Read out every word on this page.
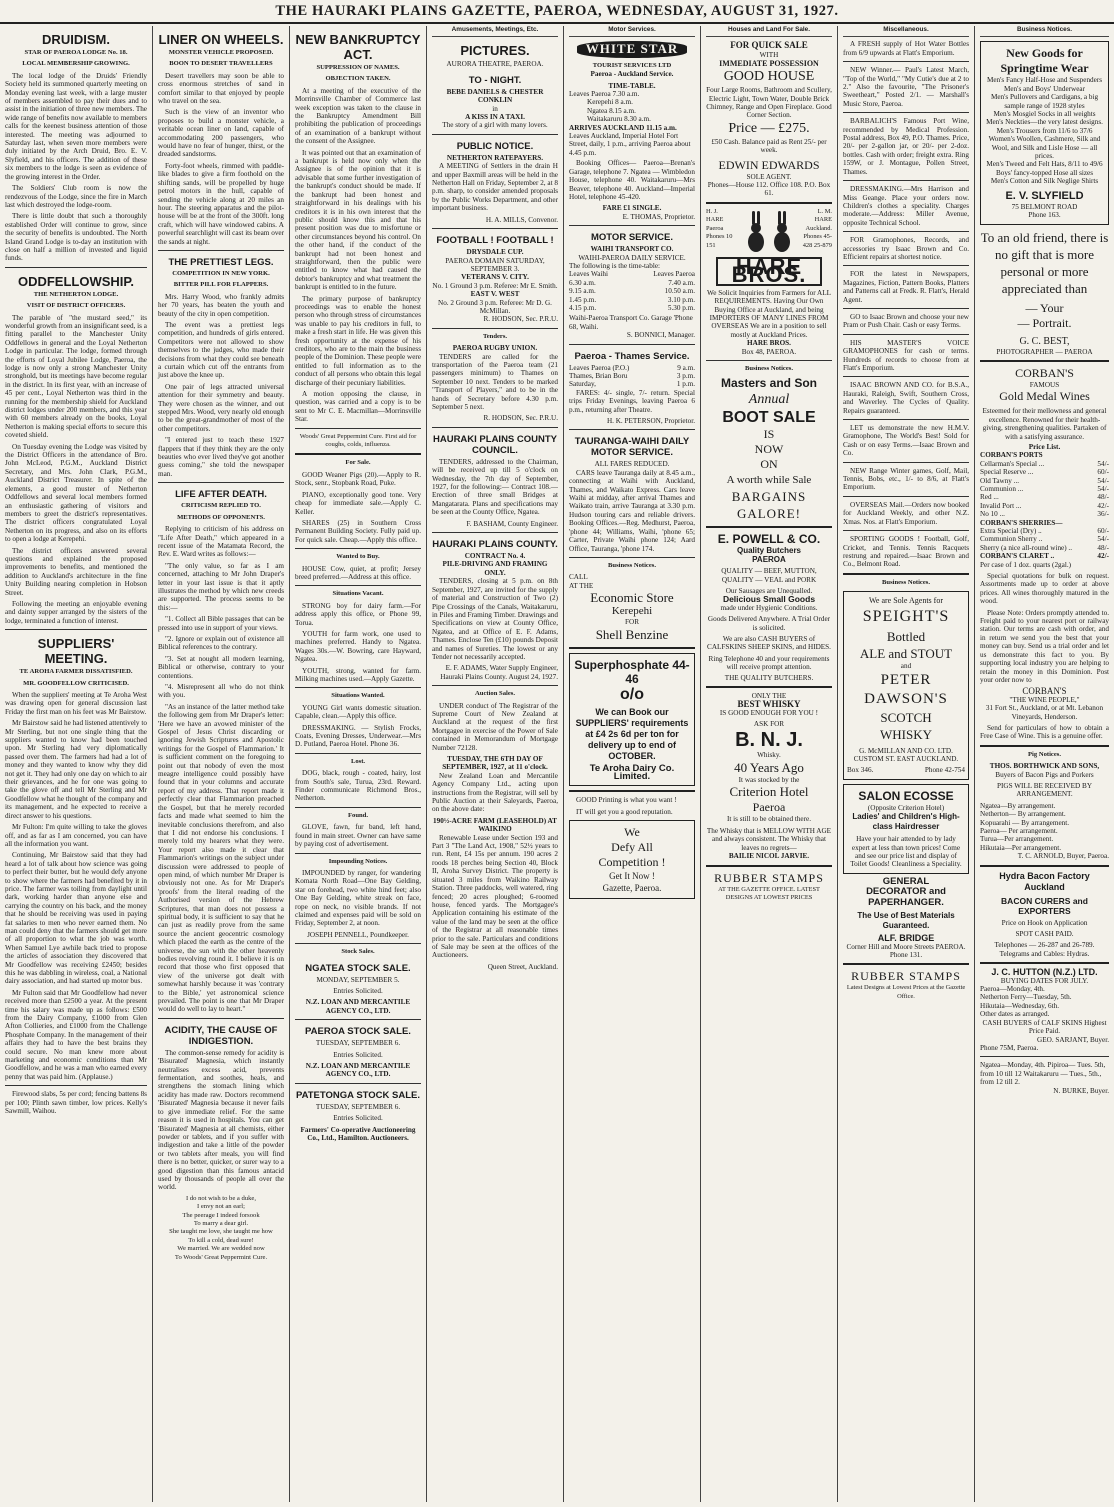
THE HAURAKI PLAINS GAZETTE, PAEROA, WEDNESDAY, AUGUST 31, 1927.
DRUIDISM.
STAR OF PAEROA LODGE No. 18.
LOCAL MEMBERSHIP GROWING.

The local lodge of the Druids' Friendly Society held its summoned quarterly meeting on Monday evening last week, with a large muster of members assembled to pay their dues and to assist in the initiation of three new members. The wide range of benefits now available to members calls for the keenest business attention of those interested. The meeting was adjourned to Saturday last, when seven more members were duly initiated by the Arch Druid, Bro. E. V. Slyfield, and his officers. The addition of these six members to the lodge is seen as evidence of the growing interest in the Order.

The Soldiers' Club room is now the rendezvous of the Lodge, since the fire in March last which destroyed the lodge-room.

There is little doubt that such a thoroughly established Order will continue to grow, since the security of benefits is undoubted. The North Island Grand Lodge is to-day an institution with close on half a million of invested and liquid funds.

ODDFELLOWSHIP.
THE NETHERTON LODGE.
VISIT OF DISTRICT OFFICERS.

The parable of "the mustard seed," its wonderful growth from an insignificant seed, is a fitting parallel to the Manchester Unity Oddfellows in general and the Loyal Netherton Lodge in particular. The lodge, formed through the efforts of Loyal Jubilee Lodge, Paeroa, the lodge is now only a strong Manchester Unity stronghold, but its meetings have become regular in the district. In its first year, with an increase of 45 per cent., Loyal Netherton was third in the running for the membership shield for Auckland district lodges under 200 members, and this year with 60 members already on the books, Loyal Netherton is making special efforts to secure this coveted shield.

On Tuesday evening the Lodge was visited by the District Officers in the attendance of Bro. John McLeod, P.G.M., Auckland District Secretary, and Mrs. John Clark, P.G.M., Auckland District Treasurer. In spite of the elements, a good muster of Netherton Oddfellows and several local members formed an enthusiastic gathering of visitors and members to greet the district's representatives. The district officers congratulated Loyal Netherton on its progress, and also on its efforts to open a lodge at Kerepehi.

The district officers answered several questions and explained the proposed improvements to benefits, and mentioned the addition to Auckland's architecture in the fine Unity Building nearing completion in Hobson Street.

Following the meeting an enjoyable evening and dainty supper arranged by the sisters of the lodge, terminated a function of interest.

SUPPLIERS' MEETING.
TE AROHA FARMER DISSATISFIED.
MR. GOODFELLOW CRITICISED.

When the suppliers' meeting at Te Aroha West was drawing open for general discussion last Friday the first man on his feet was Mr Bairstow.

Mr Bairstow said he had listened attentively to Mr Sterling, but not one single thing that the suppliers wanted to know had been touched upon. Mr Sterling had very diplomatically passed over them. The farmers had had a lot of money and they wanted to know why they did not get it. They had only one day on which to air their grievances, and he for one was going to take the glove off and tell Mr Sterling and Mr Goodfellow what he thought of the company and its management, and he expected to receive a direct answer to his questions.

Mr Fulton: I'm quite willing to take the gloves off, and as far as I am concerned, you can have all the information you want.

Continuing, Mr Bairstow said that they had heard a lot of talk about how science was going to perfect their butter, but he would defy anyone to show where the farmers had benefited by it in price. The farmer was toiling from daylight until dark, working harder than anyone else and carrying the country on his back, and the money that he should be receiving was used in paying fat salaries to men who never earned them. No man could deny that the farmers should get more of all proportion to what the job was worth. When Samuel Lye awhile back tried to propose the articles of association they discovered that Mr Goodfellow was receiving £2450; besides this he was dabbling in wireless, coal, a National dairy association, and had started up motor bus.

Mr Fulton said that Mr Goodfellow had never received more than £2500 a year. At the present time his salary was made up as follows: £500 from the Dairy Company, £1000 from Glen Afton Collieries, and £1000 from the Challenge Phosphate Company. In the management of their affairs they had to have the best brains they could secure. No man knew more about marketing and economic conditions than Mr Goodfellow, and he was a man who earned every penny that was paid him. (Applause.)

Firewood slabs, 5s per cord; fencing battens 8s per 100; Plinth sawn timber, low prices. Kelly's Sawmill, Waihou.

LINER ON WHEELS.
MONSTER VEHICLE PROPOSED.
BOON TO DESERT TRAVELLERS

Desert travellers may soon be able to cross enormous stretches of sand in comfort similar to that enjoyed by people who travel on the sea.

Such is the view of an inventor who proposes to build a monster vehicle, a veritable ocean liner on land, capable of accommodating 200 passengers, who would have no fear of hunger, thirst, or the dreaded sandstorms.

Forty-foot wheels, rimmed with paddle-like blades to give a firm foothold on the shifting sands, will be propelled by huge petrol motors in the hull, capable of sending the vehicle along at 20 miles an hour. The steering apparatus and the pilot-house will be at the front of the 300ft. long craft, which will have windowed cabins. A powerful searchlight will cast its beam over the sands at night.

THE PRETTIEST LEGS.
COMPETITION IN NEW YORK.
BITTER PILL FOR FLAPPERS.

Mrs. Harry Wood, who frankly admits her 70 years, has beaten the youth and beauty of the city in open competition.

The event was a prettiest legs competition, and hundreds of girls entered. Competitors were not allowed to show themselves to the judges, who made their decisions from what they could see beneath a curtain which cut off the entrants from just above the knee up.

One pair of legs attracted universal attention for their symmetry and beauty. They were chosen as the winner, and out stepped Mrs. Wood, very nearly old enough to be the great-grandmother of most of the other competitors.

"I entered just to teach these 1927 flappers that if they think they are the only beauties who ever lived they've got another guess coming," she told the newspaper man.

LIFE AFTER DEATH.
CRITICISM REPLIED TO.
METHODS OF OPPONENTS.

Replying to criticism of his address on "Life After Death," which appeared in a recent issue of the Matamata Record, the Rev. E. Ward writes as follows:—

"The only value, so far as I am concerned, attaching to Mr John Draper's letter in your last issue is that it aptly illustrates the method by which new creeds are supported. The process seems to be this:—

"1. Collect all Bible passages that can be pressed into use in support of your views.

"2. Ignore or explain out of existence all Biblical references to the contrary.

"3. Set at nought all modern learning, Biblical or otherwise, contrary to your contentions.

"4. Misrepresent all who do not think with you.

"As an instance of the latter method take the following gem from Mr Draper's letter: 'Here we have an avowed minister of the Gospel of Jesus Christ discarding or ignoring Jewish Scriptures and Apostolic writings for the Gospel of Flammarion.' It is sufficient comment on the foregoing to point out that nobody of even the most meagre intelligence could possibly have found that in your columns and accurate report of my address. That report made it perfectly clear that Flammarion preached the Gospel, but that he merely recorded facts and made what seemed to him the inevitable conclusions therefrom, and also that I did not endorse his conclusions. I merely told my hearers what they were. Your report also made it clear that Flammarion's writings on the subject under discussion were addressed to people of open mind, of which number Mr Draper is obviously not one. As for Mr Draper's 'proofs' from the literal reading of the Authorised version of the Hebrew Scriptures, that man does not possess a spiritual body, it is sufficient to say that he can just as readily prove from the same source the ancient geocentric cosmology which placed the earth as the centre of the universe, the sun with the other heavenly bodies revolving round it. I believe it is on record that those who first opposed that view of the universe got dealt with somewhat harshly because it was 'contrary to the Bible,' yet astronomical science prevailed. The point is one that Mr Draper would do well to lay to heart."

ACIDITY, THE CAUSE OF INDIGESTION.

The common-sense remedy for acidity is 'Bisurated' Magnesia, which instantly neutralises excess acid, prevents fermentation, and soothes, heals, and strengthens the stomach lining which acidity has made raw. Doctors recommend 'Bisurated' Magnesia because it never fails to give immediate relief. For the same reason it is used in hospitals. You can get 'Bisurated' Magnesia at all chemists, either powder or tablets, and if you suffer with indigestion and take a little of the powder or two tablets after meals, you will find there is no better, quicker, or surer way to a good digestion than this famous antacid used by thousands of people all over the world.

I do not wish to be a duke,
I envy not an earl;
The peerage I indeed forsook
To marry a dear girl.
She taught me love, she taught me how
To kill a cold, dead sure!
We married. We are wedded now
To Woods' Great Peppermint Cure.
NEW BANKRUPTCY ACT.
SUPPRESSION OF NAMES.
OBJECTION TAKEN.

At a meeting of the executive of the Morrinsville Chamber of Commerce last week exception was taken to the clause in the Bankruptcy Amendment Bill prohibiting the publication of proceedings of an examination of a bankrupt without the consent of the Assignee.

It was pointed out that an examination of a bankrupt is held now only when the Assignee is of the opinion that it is advisable that some further investigation of the bankrupt's conduct should be made. If the bankrupt had been honest and straightforward in his dealings with his creditors it is in his own interest that the public should know this and that his present position was due to misfortune or other circumstances beyond his control. On the other hand, if the conduct of the bankrupt had not been honest and straightforward, then the public were entitled to know what had caused the debtor's bankruptcy and what treatment the bankrupt is entitled to in the future.

The primary purpose of bankruptcy proceedings was to enable the honest person who through stress of circumstances was unable to pay his creditors in full, to make a fresh start in life. He was given this fresh opportunity at the expense of his creditors, who are to the main the business people of the Dominion. These people were entitled to full information as to the conduct of all persons who obtain this legal discharge of their pecuniary liabilities.

A motion opposing the clause, in question, was carried and a copy is to be sent to Mr C. E. Macmillan—Morrinsville Star.

Woods' Great Peppermint Cure. First aid for coughs, colds, influenza.
For Sale.

GOOD Weaner Pigs (20).—Apply to R. Stock, senr., Stopbank Road, Puke.

PIANO, exceptionally good tone. Very cheap for immediate sale.—Apply C. Keller.

SHARES (25) in Southern Cross Permanent Building Society. Fully paid up. For quick sale. Cheap.—Apply this office.

Wanted to Buy.

HOUSE Cow, quiet, at profit; Jersey breed preferred.—Address at this office.

Situations Vacant.

STRONG boy for dairy farm.—For address apply this office, or Phone 99, Torua.

YOUTH for farm work, one used to machines preferred. Handy to Ngatea. Wages 30s.—W. Bowring, care Hayward, Ngatea.

YOUTH, strong, wanted for farm. Milking machines used.—Apply Gazette.

Situations Wanted.

YOUNG Girl wants domestic situation. Capable, clean.—Apply this office.

DRESSMAKING. — Stylish Frocks, Coats, Evening Dresses, Underwear.—Mrs D. Putland, Paeroa Hotel. Phone 36.

Lost.

DOG, black, rough - coated, hairy, lost from South's sale, Turua, 23rd. Reward. Finder communicate Richmond Bros., Netherton.

Found.

GLOVE, fawn, fur band, left hand, found in main street. Owner can have same by paying cost of advertisement.

Impounding Notices.

IMPOUNDED by ranger, for wandering Komata North Road—One Bay Gelding, star on forehead, two white hind feet; also One Bay Gelding, white streak on face, rope on neck, no visible brands. If not claimed and expenses paid will be sold on Friday, September 2, at noon.

JOSEPH PENNELL, Poundkeeper.
Stock Sales.
NGATEA STOCK SALE.
MONDAY, SEPTEMBER 5.
Entries Solicited.
N.Z. LOAN AND MERCANTILE AGENCY CO., LTD.
PAEROA STOCK SALE.
TUESDAY, SEPTEMBER 6.
Entries Solicited.
N.Z. LOAN AND MERCANTILE AGENCY CO., LTD.
PATETONGA STOCK SALE.
TUESDAY, SEPTEMBER 6.
Entries Solicited.
Farmers' Co-operative Auctioneering Co., Ltd., Hamilton. Auctioneers.
Amusements, Meetings, Etc.
PICTURES.
AURORA THEATRE, PAEROA.
TO - NIGHT.
BEBE DANIELS & CHESTER CONKLIN
in
A KISS IN A TAXI.
The story of a girl with many lovers.
PUBLIC NOTICE.
NETHERTON RATEPAYERS.

A MEETING of Settlers in the drain H and upper Baxmill areas will be held in the Netherton Hall on Friday, September 2, at 8 p.m. sharp, to consider amended proposals by the Public Works Department, and other important business.

H. A. MILLS, Convenor.
FOOTBALL ! FOOTBALL !
DRYSDALE CUP.
PAEROA DOMAIN SATURDAY, SEPTEMBER 3.
VETERANS V. CITY.
No. 1 Ground 3 p.m. Referee: Mr E. Smith.
EAST V. WEST
No. 2 Ground 3 p.m. Referee: Mr D. G. McMillan.
R. HODSON, Sec. P.R.U.
Tenders.
PAEROA RUGBY UNION.

TENDERS are called for the transportation of the Paeroa team (21 passengers minimum) to Thames on September 10 next. Tenders to be marked "Transport of Players," and to be in the hands of Secretary before 4.30 p.m. September 5 next.

R. HODSON, Sec. P.R.U.
HAURAKI PLAINS COUNTY COUNCIL.

TENDERS, addressed to the Chairman, will be received up till 5 o'clock on Wednesday, the 7th day of September, 1927, for the following:— Contract 108.—Erection of three small Bridges at Mangatarata. Plans and specifications may be seen at the County Office, Ngatea.

F. BASHAM, County Engineer.
HAURAKI PLAINS COUNTY.
CONTRACT No. 4.
PILE-DRIVING AND FRAMING ONLY.

TENDERS, closing at 5 p.m. on 8th September, 1927, are invited for the supply of material and Construction of Two (2) Pipe Crossings of the Canals, Waitakaruru, in Piles and Framing Timber. Drawings and Specifications on view at County Office, Ngatea, and at Office of E. F. Adams, Thames. Enclose Ten (£10) pounds Deposit and names of Sureties. The lowest or any Tender not necessarily accepted.

E. F. ADAMS, Water Supply Engineer, Hauraki Plains County. August 24, 1927.
Auction Sales.

UNDER conduct of The Registrar of the Supreme Court of New Zealand at Auckland at the request of the first Mortgagee in exercise of the Power of Sale contained in Memorandum of Mortgage Number 72128.

TUESDAY, THE 6TH DAY OF SEPTEMBER, 1927, at 11 o'clock.

New Zealand Loan and Mercantile Agency Company Ltd., acting upon instructions from the Registrar, will sell by Public Auction at their Saleyards, Paeroa, on the above date:

190½-ACRE FARM (LEASEHOLD) AT WAIKINO

Renewable Lease under Section 193 and Part 3 "The Land Act, 1908," 52½ years to run. Rent, £4 15s per annum. 190 acres 2 roods 18 perches being Section 40, Block II, Aroha Survey District. The property is situated 3 miles from Waikino Railway Station. Three paddocks, well watered, ring fenced; 20 acres ploughed; 6-roomed house, fenced yards. The Mortgagee's Application containing his estimate of the value of the land may be seen at the office of the Registrar at all reasonable times prior to the sale. Particulars and conditions of Sale may be seen at the offices of the Auctioneers.

Queen Street, Auckland.
Motor Services.
WHITE STAR
TOURIST SERVICES LTD
Paeroa - Auckland Service.
TIME-TABLE.
Leaves Paeroa 7.30 a.m.
Kerepehi 8 a.m.
Ngatea 8.15 a.m.
Waitakaruru 8.30 a.m.
ARRIVES AUCKLAND 11.15 a.m.
Leaves Auckland, Imperial Hotel Fort Street, daily, 1 p.m., arriving Paeroa about 4.45 p.m.

Booking Offices— Paeroa—Brenan's Garage, telephone 7. Ngatea — Wimbledon House, telephone 40. Waitakaruru—Mrs Beaver, telephone 40. Auckland—Imperial Hotel, telephone 45-420.

FARE £1 SINGLE.
E. THOMAS, Proprietor.
MOTOR SERVICE.
WAIHI TRANSPORT CO.
WAIHI-PAEROA DAILY SERVICE.
The following is the time-table:
Leaves Waihi	Leaves Paeroa
6.30 a.m.	7.40 a.m.
9.15 a.m.	10.50 a.m.
1.45 p.m.	3.10 p.m.
4.15 p.m.	5.30 p.m.
Waihi-Paeroa Transport Co. Garage 'Phone 68, Waihi.
S. BONNICI, Manager.
Paeroa - Thames Service.
Leaves Paeroa (P.O.)	9 a.m.
Thames, Brian Boru	3 p.m.
Saturday,	1 p.m.

FARES: 4/- single, 7/- return. Special trips Friday Evenings, leaving Paeroa 6 p.m., returning after Theatre.

H. K. PETERSON, Proprietor.
TAURANGA-WAIHI DAILY MOTOR SERVICE.
ALL FARES REDUCED.

CARS leave Tauranga daily at 8.45 a.m., connecting at Waihi with Auckland, Thames, and Waikato Express. Cars leave Waihi at midday, after arrival Thames and Waikato train, arrive Tauranga at 3.30 p.m. Hudson touring cars and reliable drivers. Booking Offices.—Reg. Medhurst, Paeroa, 'phone 44; Williams, Waihi, 'phone 65; Carter, Private Waihi phone 124; Aard Office, Tauranga, 'phone 174.

Business Notices.
CALL
AT THE
Economic Store
Kerepehi
FOR
Shell Benzine
Superphosphate 44-46
o/o
We can Book our SUPPLIERS' requirements at £4 2s 6d per ton for delivery up to end of OCTOBER.
Te Aroha Dairy Co. Limited.

GOOD Printing is what you want !

IT will get you a good reputation.

We
Defy All
Competition !
Get It Now !
Gazette, Paeroa.
Houses and Land For Sale.
FOR QUICK SALE
WITH
IMMEDIATE POSSESSION
GOOD HOUSE
Four Large Rooms, Bathroom and Scullery, Electric Light, Town Water, Double Brick Chimney, Range and Open Fireplace. Good Corner Section.
Price — £275.
£50 Cash. Balance paid as Rent 25/- per week.
EDWIN EDWARDS
SOLE AGENT.
Phones—House 112. Office 108. P.O. Box 61.
H. J. HARE Paeroa Phones 10 151
L. M. HARE Auckland. Phones 45-428 25-879
HARE BROS.
We Solicit Inquiries from Farmers for ALL REQUIREMENTS. Having Our Own Buying Office at Auckland, and being IMPORTERS OF MANY LINES FROM OVERSEAS We are in a position to sell mostly at Auckland Prices.
HARE BROS.
Box 48, PAEROA.
Business Notices.
Masters and Son
Annual
BOOT SALE
IS
NOW
ON
A worth while Sale
BARGAINS
GALORE!
E. POWELL & CO.
Quality Butchers
PAEROA
QUALITY — BEEF, MUTTON, QUALITY — VEAL and PORK
Our Sausages are Unequalled.
Delicious Small Goods
made under Hygienic Conditions.
Goods Delivered Anywhere. A Trial Order is solicited.
We are also CASH BUYERS of CALFSKINS SHEEP SKINS, and HIDES.
Ring Telephone 40 and your requirements will receive prompt attention.
THE QUALITY BUTCHERS.
ONLY THE
BEST WHISKY
IS GOOD ENOUGH FOR YOU !
ASK FOR
B. N. J.
Whisky.
40 Years Ago
It was stocked by the
Criterion Hotel
Paeroa
It is still to be obtained there.
The Whisky that is MELLOW WITH AGE and always consistent. The Whisky that leaves no regrets—
BAILIE NICOL JARVIE.
RUBBER STAMPS
AT THE GAZETTE OFFICE. LATEST DESIGNS AT LOWEST PRICES
Miscellaneous.

A FRESH supply of Hot Water Bottles from 6/9 upwards at Flatt's Emporium.

NEW Winner.— Paul's Latest March, "Top of the World," "My Cutie's due at 2 to 2." Also the favourite, "The Prisoner's Sweetheart," Posted 2/1. — Marshall's Music Store, Paeroa.

BARBALICH'S Famous Port Wine, recommended by Medical Profession. Postal address, Box 49, P.O. Thames. Price, 20/- per 2-gallon jar, or 20/- per 2-doz. bottles. Cash with order; freight extra. Ring 159W, or J. Montague, Pollen Street, Thames.

DRESSMAKING.—Mrs Harrison and Miss Geange. Place your orders now. Children's clothes a speciality. Charges moderate.—Address: Miller Avenue, opposite Technical School.

FOR Gramophones, Records, and accessories try Isaac Brown and Co. Efficient repairs at shortest notice.

FOR the latest in Newspapers, Magazines, Fiction, Pattern Books, Platters and Patterns call at Fredk. R. Flatt's, Herald Agent.

GO to Isaac Brown and choose your new Pram or Push Chair. Cash or easy Terms.

HIS MASTER'S VOICE GRAMOPHONES for cash or terms. Hundreds of records to choose from at Flatt's Emporium.

ISAAC BROWN AND CO. for B.S.A., Hauraki, Raleigh, Swift, Southern Cross, and Waverley. The Cycles of Quality. Repairs guaranteed.

LET us demonstrate the new H.M.V. Gramophone, The World's Best! Sold for Cash or on easy Terms.—Isaac Brown and Co.

NEW Range Winter games, Golf, Mail, Tennis, Bobs, etc., 1/- to 8/6, at Flatt's Emporium.

OVERSEAS Mail.—Orders now booked for Auckland Weekly, and other N.Z. Xmas. Nos. at Flatt's Emporium.

SPORTING GOODS ! Football, Golf, Cricket, and Tennis. Tennis Racquets restrung and repaired.—Isaac Brown and Co., Belmont Road.

Business Notices.
We are Sole Agents for
SPEIGHT'S
Bottled
ALE and STOUT
and
PETER
DAWSON'S
SCOTCH
WHISKY
G. McMILLAN AND CO. LTD.
CUSTOM ST. EAST AUCKLAND.
Box 346.	Phone 42-754
SALON ECOSSE
(Opposite Criterion Hotel)
Ladies' and Children's High-class Hairdresser
Have your hair attended to by lady expert at less than town prices! Come and see our price list and display of Toilet Goods! Cleanliness a Speciality.
GENERAL
DECORATOR and PAPERHANGER.
The Use of Best Materials Guaranteed.
ALF. BRIDGE
Corner Hill and Moore Streets PAEROA.
Phone 131.
RUBBER STAMPS
Latest Designs at Lowest Prices at the Gazette Office.
Business Notices.
New Goods for Springtime Wear
Men's Fancy Half-Hose and Suspenders
Men's and Boys' Underwear
Men's Pullovers and Cardigans, a big sample range of 1928 styles
Men's Mosgiel Socks in all weights
Men's Neckties—the very latest designs.
Men's Trousers from 11/6 to 37/6
Women's Woollen, Cashmere, Silk and Wool, and Silk and Lisle Hose — all prices.
Men's Tweed and Felt Hats, 8/11 to 49/6
Boys' fancy-topped Hose all sizes
Men's Cotton and Silk Neglige Shirts
E. V. SLYFIELD
75 BELMONT ROAD
Phone 163.
To an old friend, there is no gift that is more personal or more appreciated than
— Your
— Portrait.
G. C. BEST,
PHOTOGRAPHER — PAEROA
CORBAN'S
FAMOUS
Gold Medal Wines
Esteemed for their mellowness and general excellence. Renowned for their health-giving, strengthening qualities. Partaken of with a satisfying assurance.
Price List.
CORBAN'S PORTS
Cellarman's Special ...	54/-
Special Reserve ...	60/-
Old Tawny ...	54/-
Communion ...	54/-
Red ...	48/-
Invalid Port ...	42/-
No 10 ...	36/-
CORBAN'S SHERRIES—
Extra Special (Dry) ..	60/-
Communion Sherry ..	54/-
Sherry (a nice all-round wine) ..	48/-
CORBAN'S CLARET ..	42/-
Per case of 1 doz. quarts (2gal.)

Special quotations for bulk on request. Assortments made up to order at above prices. All wines thoroughly matured in the wood.

Please Note: Orders promptly attended to. Freight paid to your nearest port or railway station. Our terms are cash with order, and in return we send you the best that your money can buy. Send us a trial order and let us demonstrate this fact to you. By supporting local industry you are helping to retain the money in this Dominion. Post your order now to

CORBAN'S
"THE WINE PEOPLE,"
31 Fort St., Auckland, or at Mt. Lebanon Vineyards, Henderson.

Send for particulars of how to obtain a Free Case of Wine. This is a genuine offer.

Pig Notices.
THOS. BORTHWICK AND SONS,
Buyers of Bacon Pigs and Porkers
PIGS WILL BE RECEIVED BY ARRANGEMENT.
Ngatea—By arrangement.
Netherton— By arrangement.
Kopuarahi — By arrangement.
Paeroa— Per arrangement.
Turua—Per arrangement.
Hikutaia—Per arrangement.
T. C. ARNOLD, Buyer, Paeroa.
Hydra Bacon Factory Auckland
BACON CURERS and EXPORTERS
Price on Hook on Application
SPOT CASH PAID.
Telephones — 26-287 and 26-789. Telegrams and Cables: Hydras.
J. C. HUTTON (N.Z.) LTD.
BUYING DATES FOR JULY.
Paeroa—Monday, 4th.
Netherton Ferry—Tuesday, 5th.
Hikutaia—Wednesday, 6th.
Other dates as arranged.
CASH BUYERS of CALF SKINS Highest Price Paid.
GEO. SARJANT, Buyer.
Phone 75M, Paeroa.
Ngatea—Monday, 4th. Pipiroa— Tues. 5th, from 10 till 12 Waitakaruru — Tues., 5th., from 12 till 2.
N. BURKE, Buyer.
